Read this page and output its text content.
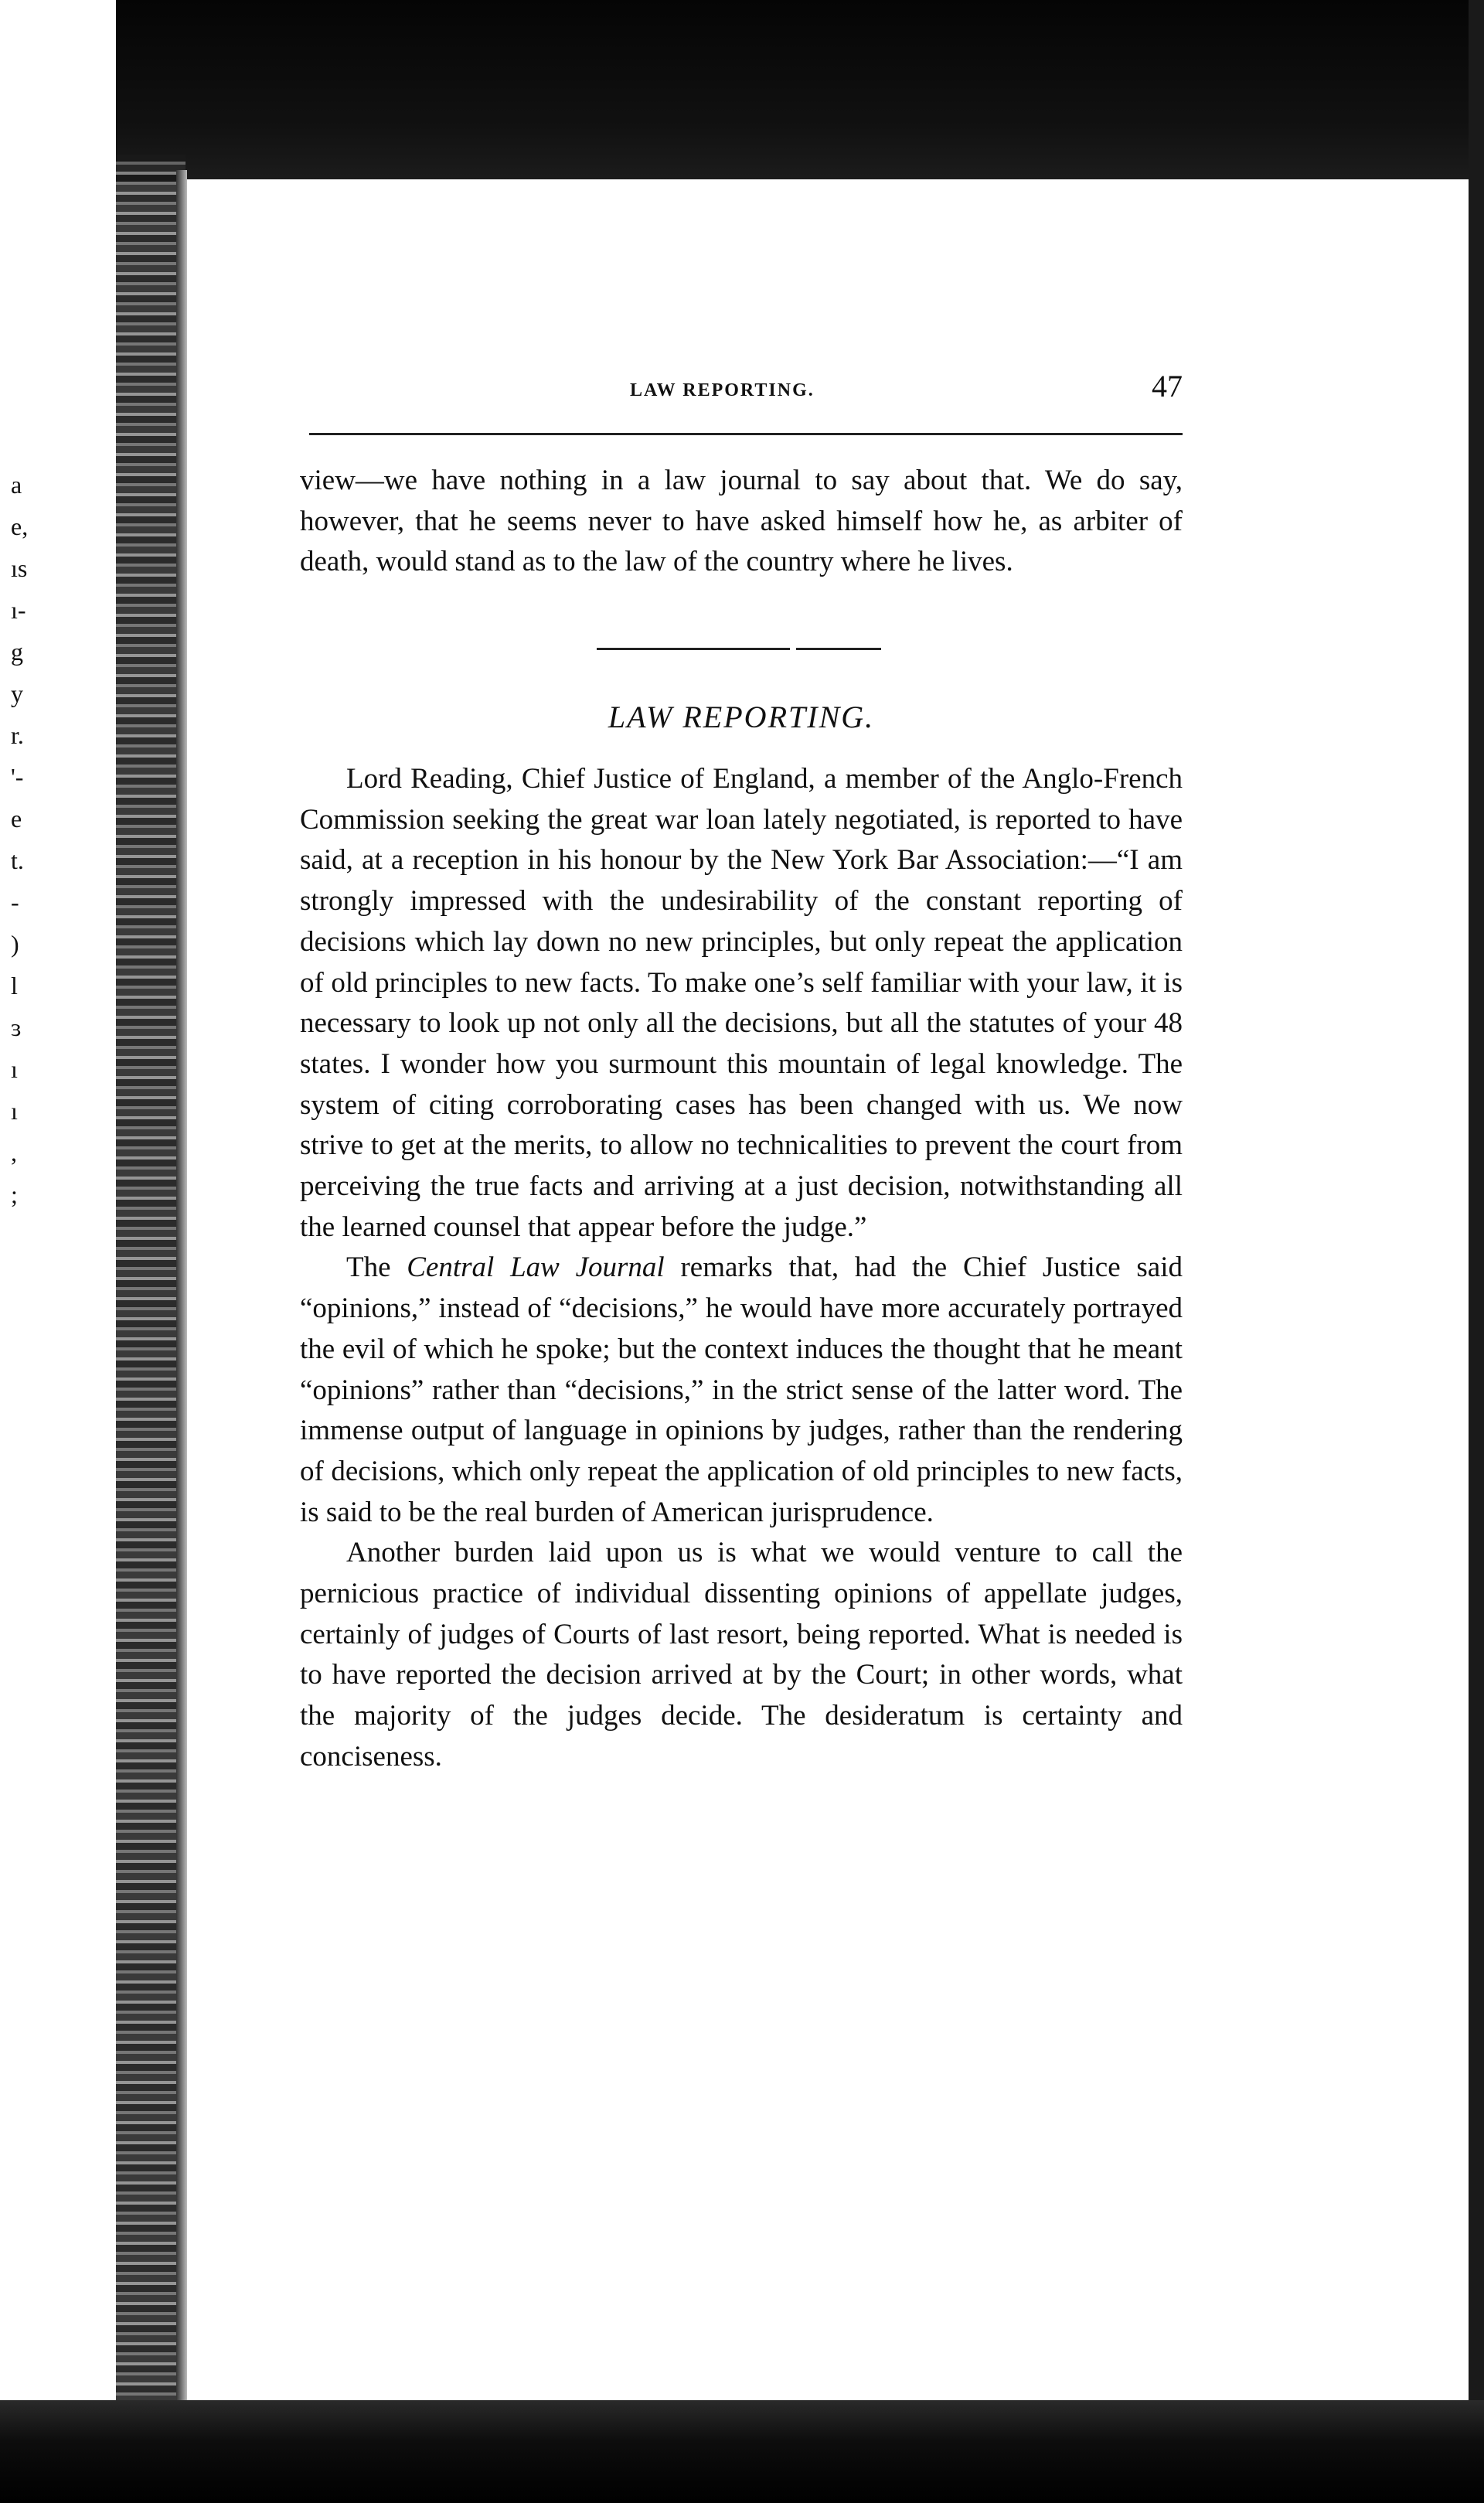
a
e,
ıs
ı-
g
y
r.
'-
e
t.
-
)
l
ɜ
ı
ı
,
;
LAW REPORTING.	47

view—we have nothing in a law journal to say about that. We do say, however, that he seems never to have asked himself how he, as arbiter of death, would stand as to the law of the country where he lives.

LAW REPORTING.

Lord Reading, Chief Justice of England, a member of the Anglo-French Commission seeking the great war loan lately negotiated, is reported to have said, at a reception in his honour by the New York Bar Association:—“I am strongly impressed with the undesirability of the constant reporting of decisions which lay down no new principles, but only repeat the application of old principles to new facts. To make one’s self familiar with your law, it is necessary to look up not only all the decisions, but all the statutes of your 48 states. I wonder how you surmount this mountain of legal knowledge. The system of citing corroborating cases has been changed with us. We now strive to get at the merits, to allow no technicalities to prevent the court from perceiving the true facts and arriving at a just decision, notwithstanding all the learned counsel that appear before the judge.”

The Central Law Journal remarks that, had the Chief Justice said “opinions,” instead of “decisions,” he would have more accurately portrayed the evil of which he spoke; but the context induces the thought that he meant “opinions” rather than “decisions,” in the strict sense of the latter word. The immense output of language in opinions by judges, rather than the rendering of decisions, which only repeat the application of old principles to new facts, is said to be the real burden of American jurisprudence.

Another burden laid upon us is what we would venture to call the pernicious practice of individual dissenting opinions of appellate judges, certainly of judges of Courts of last resort, being reported. What is needed is to have reported the decision arrived at by the Court; in other words, what the majority of the judges decide. The desideratum is certainty and conciseness.
